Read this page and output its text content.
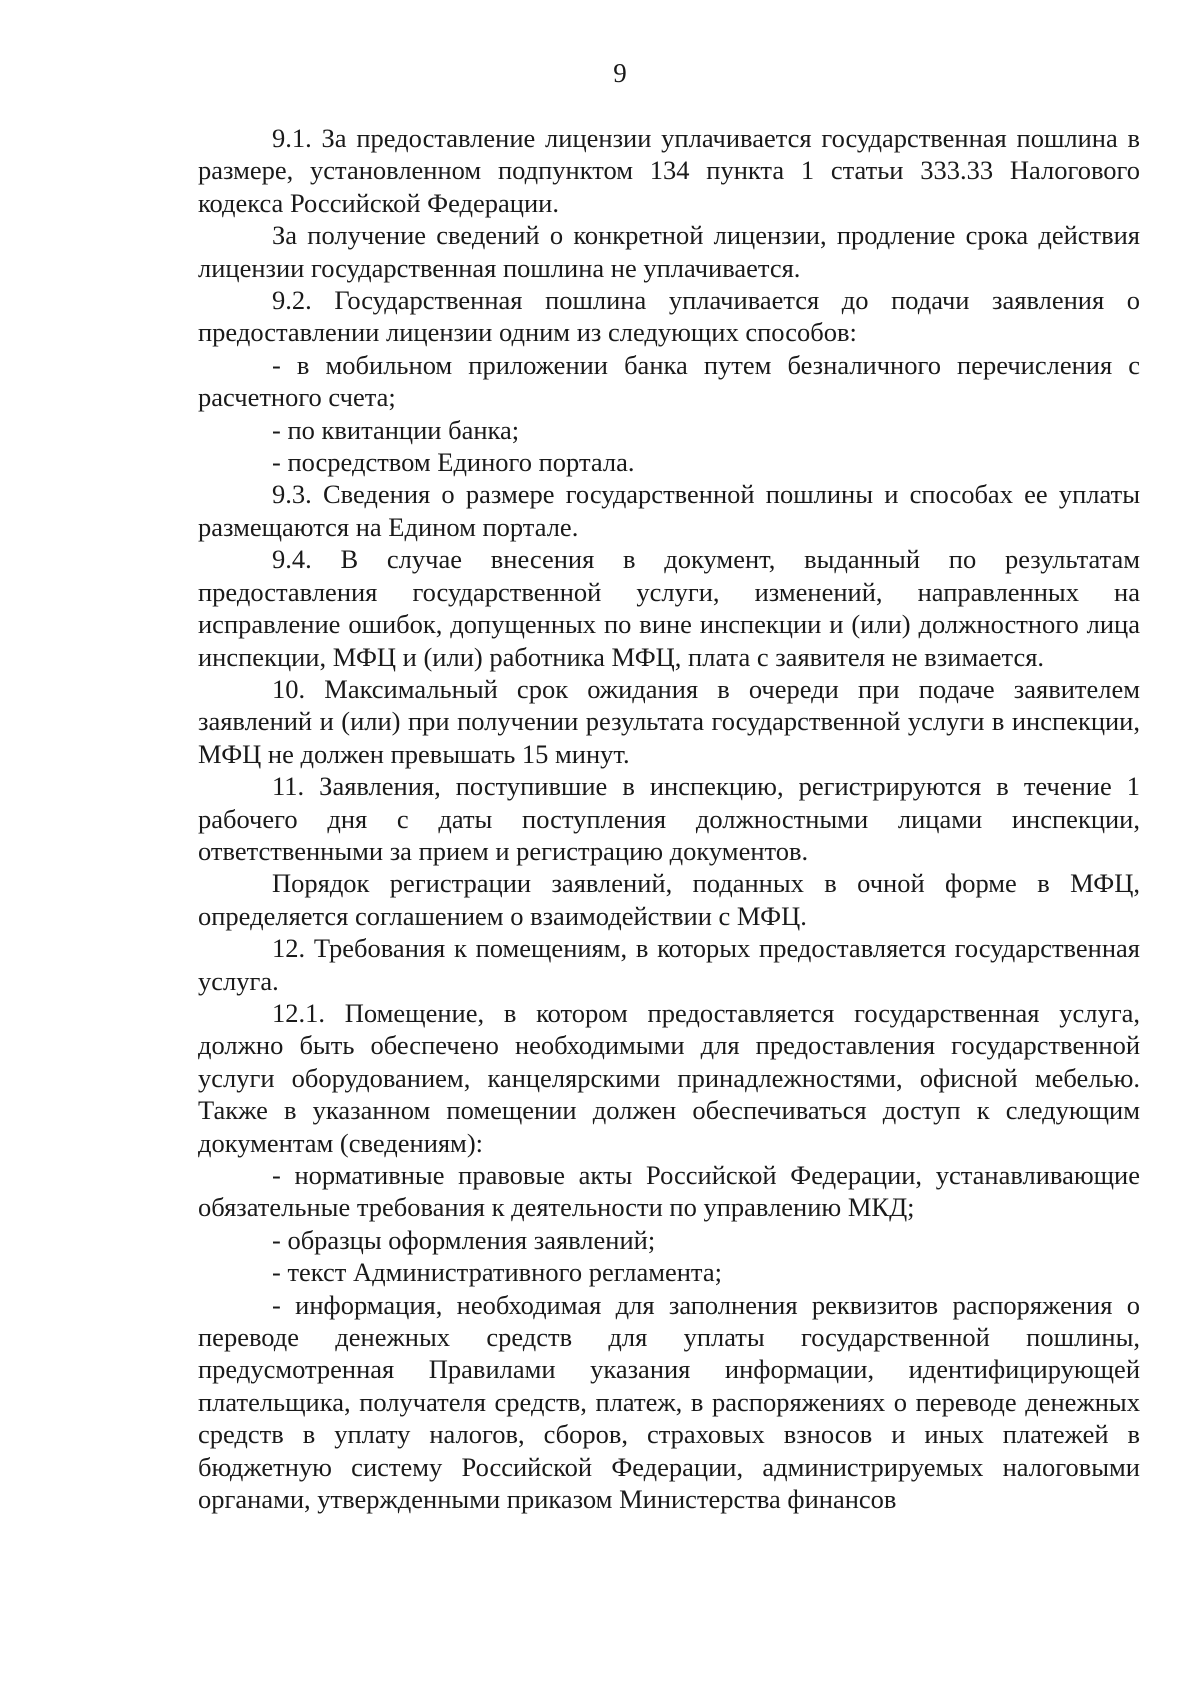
9

9.1. За предоставление лицензии уплачивается государственная пошлина в размере, установленном подпунктом 134 пункта 1 статьи 333.33 Налогового кодекса Российской Федерации.

За получение сведений о конкретной лицензии, продление срока действия лицензии государственная пошлина не уплачивается.

9.2. Государственная пошлина уплачивается до подачи заявления о предоставлении лицензии одним из следующих способов:

- в мобильном приложении банка путем безналичного перечисления с расчетного счета;

- по квитанции банка;

- посредством Единого портала.

9.3. Сведения о размере государственной пошлины и способах ее уплаты размещаются на Едином портале.

9.4. В случае внесения в документ, выданный по результатам предоставления государственной услуги, изменений, направленных на исправление ошибок, допущенных по вине инспекции и (или) должностного лица инспекции, МФЦ и (или) работника МФЦ, плата с заявителя не взимается.

10. Максимальный срок ожидания в очереди при подаче заявителем заявлений и (или) при получении результата государственной услуги в инспекции, МФЦ не должен превышать 15 минут.

11. Заявления, поступившие в инспекцию, регистрируются в течение 1 рабочего дня с даты поступления должностными лицами инспекции, ответственными за прием и регистрацию документов.

Порядок регистрации заявлений, поданных в очной форме в МФЦ, определяется соглашением о взаимодействии с МФЦ.

12. Требования к помещениям, в которых предоставляется государственная услуга.

12.1. Помещение, в котором предоставляется государственная услуга, должно быть обеспечено необходимыми для предоставления государственной услуги оборудованием, канцелярскими принадлежностями, офисной мебелью. Также в указанном помещении должен обеспечиваться доступ к следующим документам (сведениям):

- нормативные правовые акты Российской Федерации, устанавливающие обязательные требования к деятельности по управлению МКД;

- образцы оформления заявлений;

- текст Административного регламента;

- информация, необходимая для заполнения реквизитов распоряжения о переводе денежных средств для уплаты государственной пошлины, предусмотренная Правилами указания информации, идентифицирующей плательщика, получателя средств, платеж, в распоряжениях о переводе денежных средств в уплату налогов, сборов, страховых взносов и иных платежей в бюджетную систему Российской Федерации, администрируемых налоговыми органами, утвержденными приказом Министерства финансов
